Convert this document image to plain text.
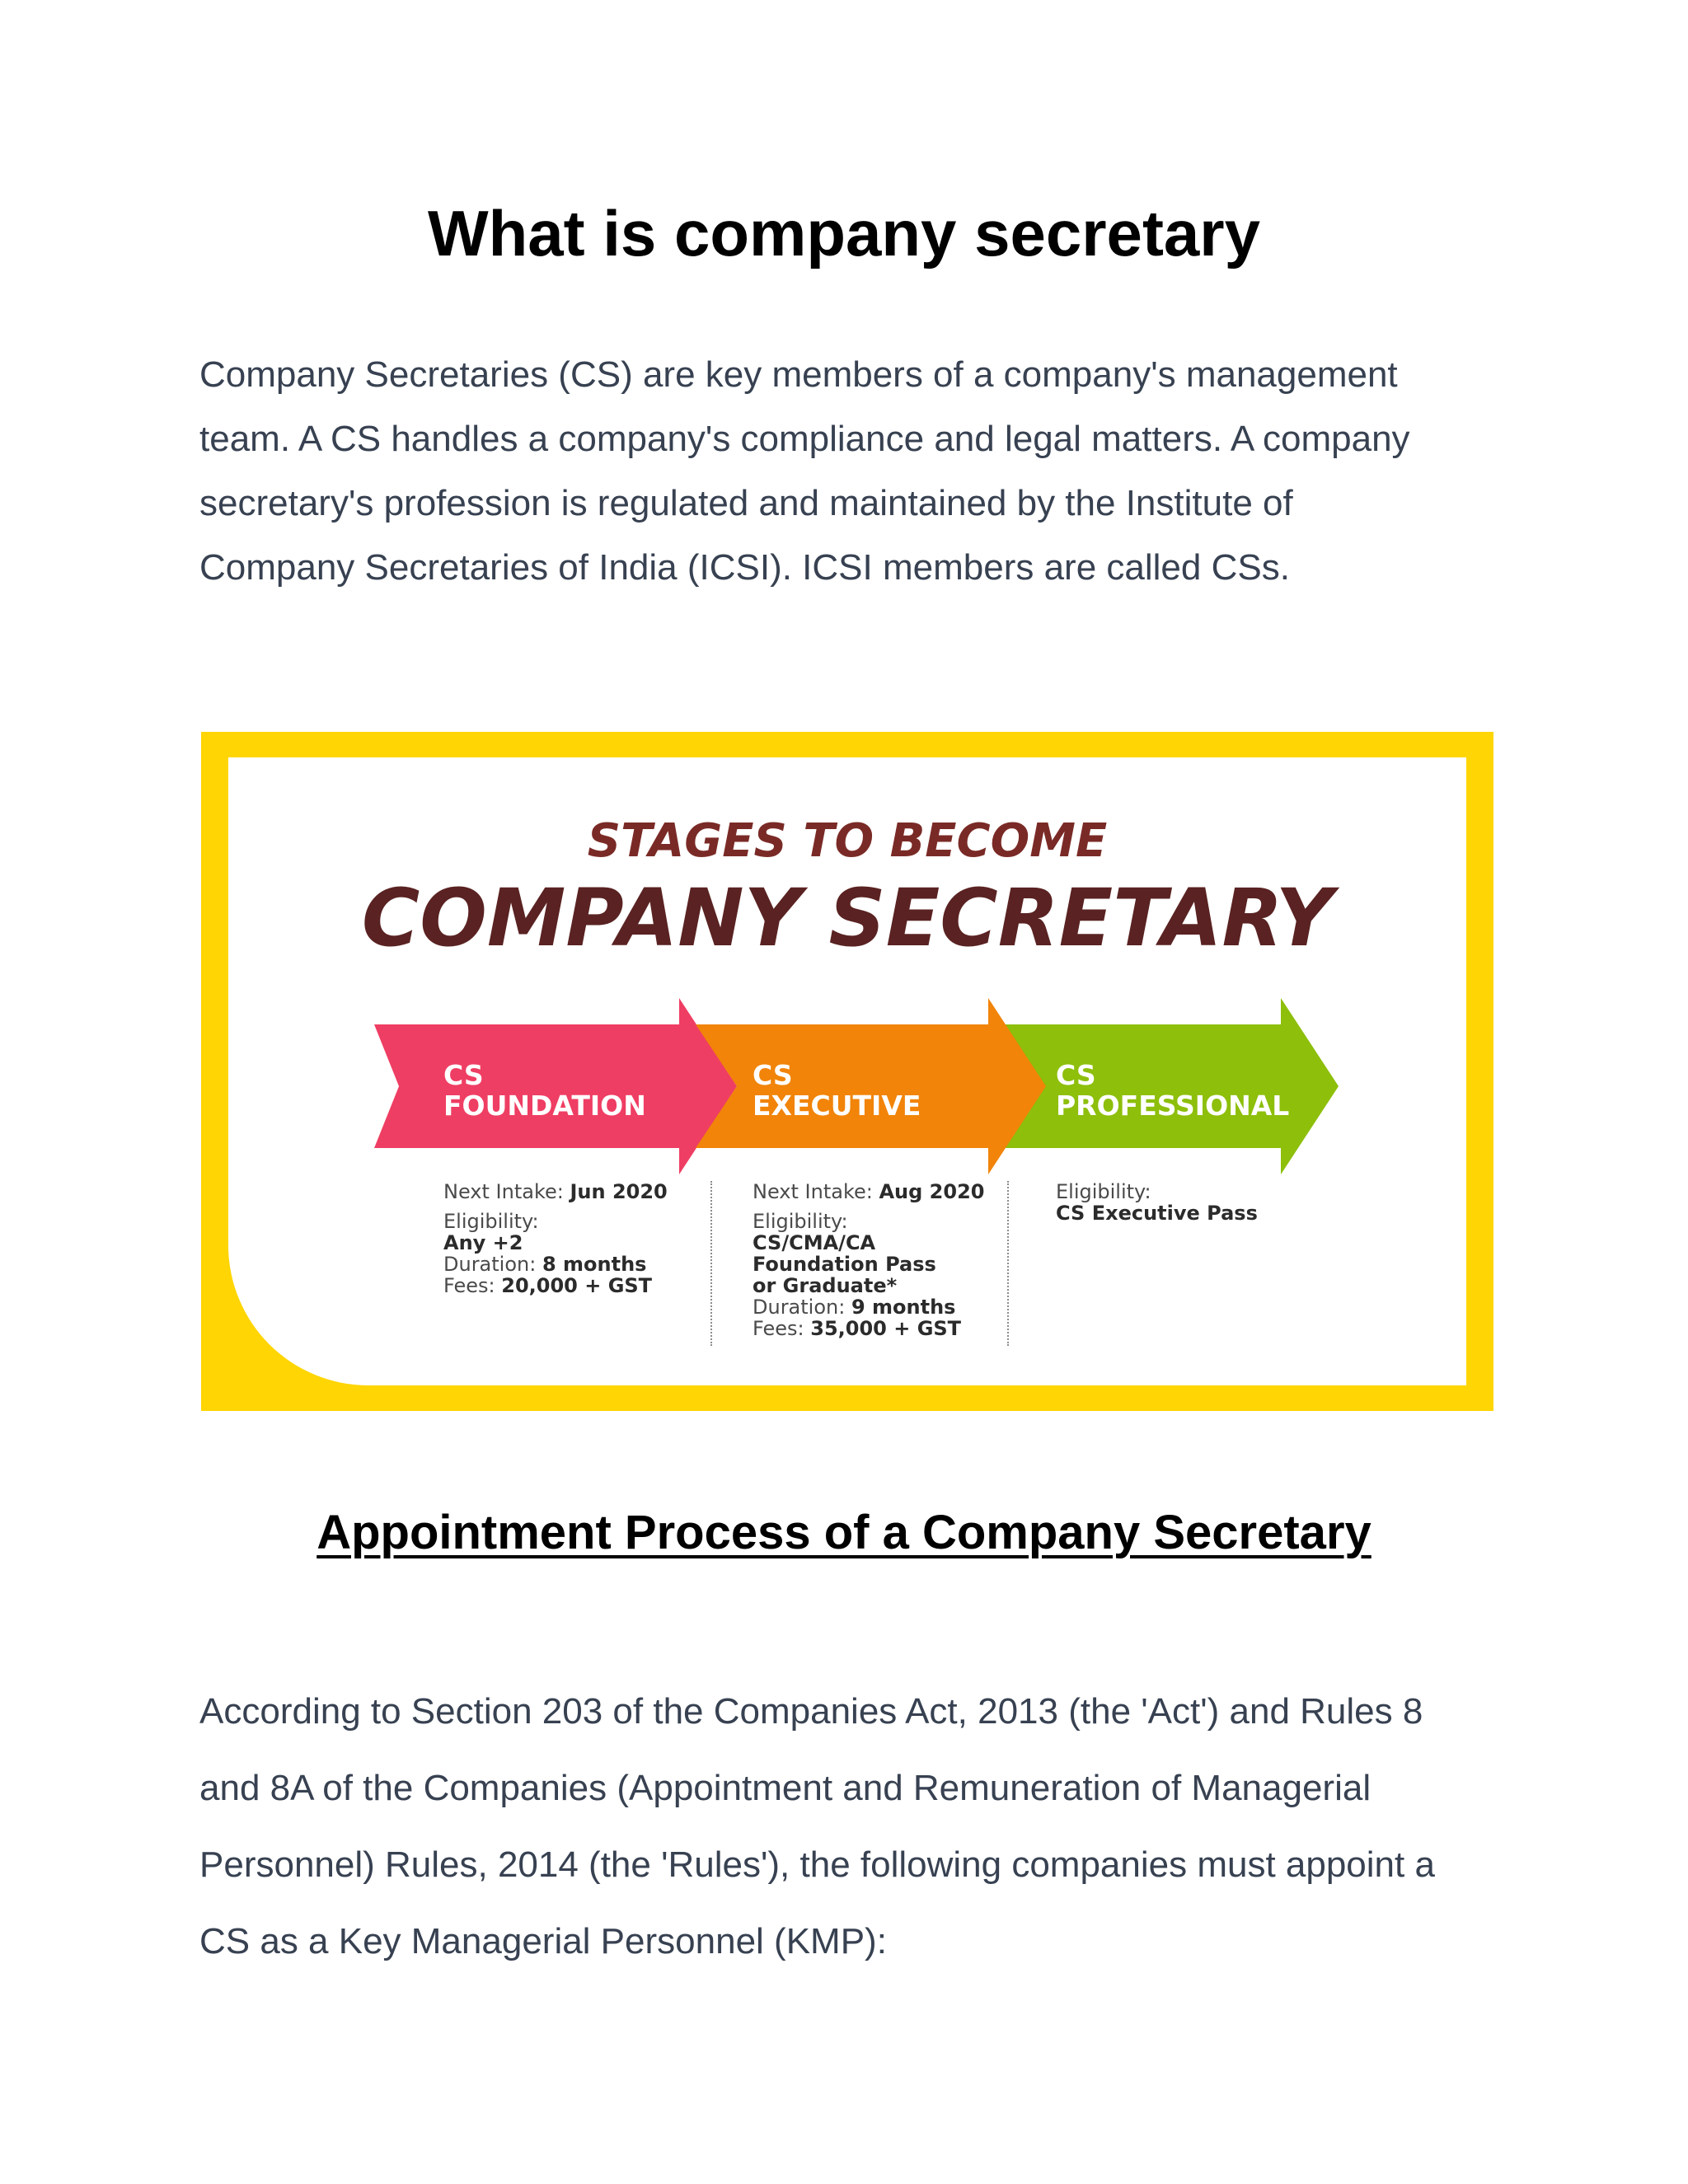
What is company secretary
Company Secretaries (CS) are key members of a company's management
team. A CS handles a company's compliance and legal matters. A company
secretary's profession is regulated and maintained by the Institute of
Company Secretaries of India (ICSI). ICSI members are called CSs.
STAGES TO BECOME
COMPANY SECRETARY
CS
FOUNDATION
CS
EXECUTIVE
CS
PROFESSIONAL
Next Intake: Jun 2020
Eligibility:
Any +2
Duration: 8 months
Fees: 20,000 + GST
Next Intake: Aug 2020
Eligibility:
CS/CMA/CA
Foundation Pass
or Graduate*
Duration: 9 months
Fees: 35,000 + GST
Eligibility:
CS Executive Pass
Appointment Process of a Company Secretary
According to Section 203 of the Companies Act, 2013 (the 'Act') and Rules 8
and 8A of the Companies (Appointment and Remuneration of Managerial
Personnel) Rules, 2014 (the 'Rules'), the following companies must appoint a
CS as a Key Managerial Personnel (KMP):
